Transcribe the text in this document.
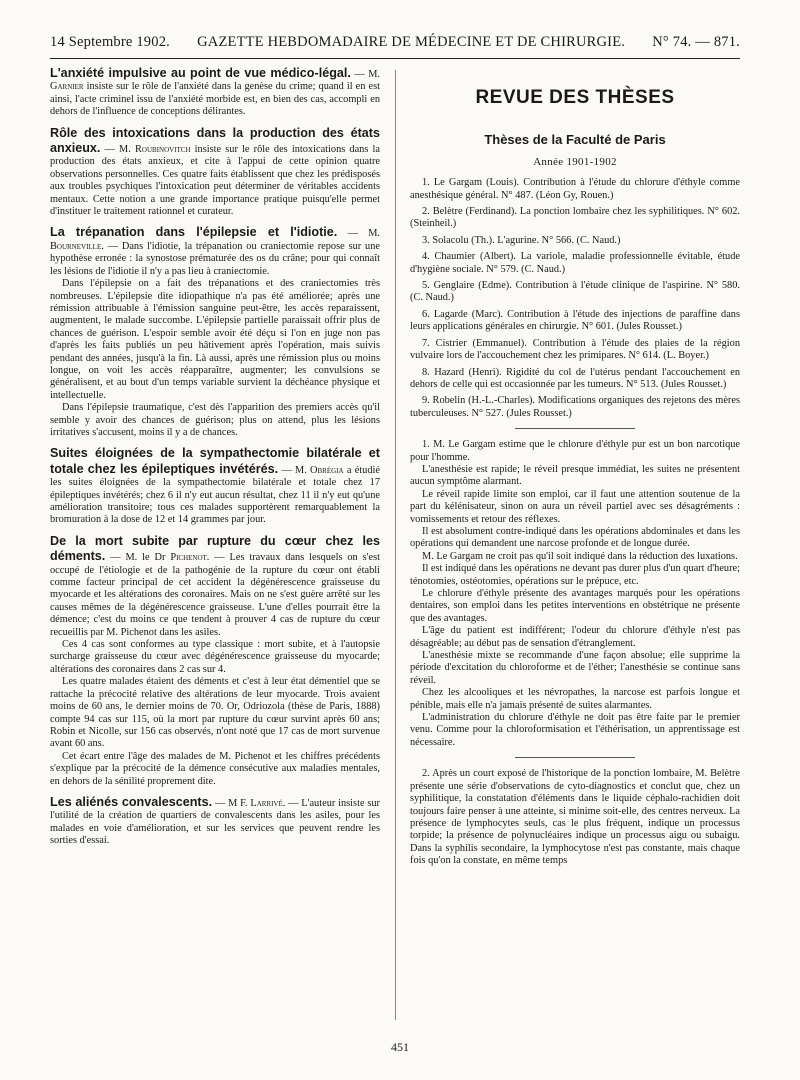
14 Septembre 1902. GAZETTE HEBDOMADAIRE DE MÉDECINE ET DE CHIRURGIE. N° 74. — 871.

L'anxiété impulsive au point de vue médico-légal. — M. Garnier insiste sur le rôle de l'anxiété dans la genèse du crime; quand il en est ainsi, l'acte criminel issu de l'anxiété morbide est, en bien des cas, accompli en dehors de l'influence de conceptions délirantes.

Rôle des intoxications dans la production des états anxieux. — M. Roubinovitch insiste sur le rôle des intoxications dans la production des états anxieux, et cite à l'appui de cette opinion quatre observations personnelles. Ces quatre faits établissent que chez les prédisposés aux troubles psychiques l'intoxication peut déterminer de véritables accidents mentaux. Cette notion a une grande importance pratique puisqu'elle permet d'instituer le traitement rationnel et curateur.

La trépanation dans l'épilepsie et l'idiotie. — M. Bourneville. — Dans l'idiotie, la trépanation ou craniectomie repose sur une hypothèse erronée : la synostose prématurée des os du crâne; pour qui connaît les lésions de l'idiotie il n'y a pas lieu à craniectomie.

Dans l'épilepsie on a fait des trépanations et des craniectomies très nombreuses. L'épilepsie dite idiopathique n'a pas été améliorée; après une rémission attribuable à l'émission sanguine peut-être, les accès reparaissent, augmentent, le malade succombe. L'épilepsie partielle paraissait offrir plus de chances de guérison. L'espoir semble avoir été déçu si l'on en juge non pas d'après les faits publiés un peu hâtivement après l'opération, mais suivis pendant des années, jusqu'à la fin. Là aussi, après une rémission plus ou moins longue, on voit les accès réapparaître, augmenter; les convulsions se généralisent, et au bout d'un temps variable survient la déchéance physique et intellectuelle.

Dans l'épilepsie traumatique, c'est dès l'apparition des premiers accès qu'il semble y avoir des chances de guérison; plus on attend, plus les lésions irritatives s'accusent, moins il y a de chances.

Suites éloignées de la sympathectomie bilatérale et totale chez les épileptiques invétérés. — M. Obrégia a étudié les suites éloignées de la sympathectomie bilatérale et totale chez 17 épileptiques invétérés; chez 6 il n'y eut aucun résultat, chez 11 il n'y eut qu'une amélioration transitoire; tous ces malades supportèrent remarquablement la bromuration à la dose de 12 et 14 grammes par jour.

De la mort subite par rupture du cœur chez les déments. — M. le Dr Pichenot. — Les travaux dans lesquels on s'est occupé de l'étiologie et de la pathogénie de la rupture du cœur ont établi comme facteur principal de cet accident la dégénérescence graisseuse du myocarde et les altérations des coronaires. Mais on ne s'est guère arrêté sur les causes mêmes de la dégénérescence graisseuse. L'une d'elles pourrait être la démence; c'est du moins ce que tendent à prouver 4 cas de rupture du cœur recueillis par M. Pichenot dans les asiles.

Ces 4 cas sont conformes au type classique : mort subite, et à l'autopsie surcharge graisseuse du cœur avec dégénérescence graisseuse du myocarde; altérations des coronaires dans 2 cas sur 4.

Les quatre malades étaient des déments et c'est à leur état démentiel que se rattache la précocité relative des altérations de leur myocarde. Trois avaient moins de 60 ans, le dernier moins de 70. Or, Odriozola (thèse de Paris, 1888) compte 94 cas sur 115, où la mort par rupture du cœur survint après 60 ans; Robin et Nicolle, sur 156 cas observés, n'ont noté que 17 cas de mort survenue avant 60 ans.

Cet écart entre l'âge des malades de M. Pichenot et les chiffres précédents s'explique par la précocité de la démence consécutive aux maladies mentales, en dehors de la sénilité proprement dite.

Les aliénés convalescents. — M F. Larrivé. — L'auteur insiste sur l'utilité de la création de quartiers de convalescents dans les asiles, pour les malades en voie d'amélioration, et sur les services que peuvent rendre les sorties d'essai.

REVUE DES THÈSES
Thèses de la Faculté de Paris
Année 1901-1902
1. Le Gargam (Louis). Contribution à l'étude du chlorure d'éthyle comme anesthésique général. N° 487. (Léon Gy, Rouen.)
2. Belètre (Ferdinand). La ponction lombaire chez les syphilitiques. N° 602. (Steinheil.)
3. Solacolu (Th.). L'agurine. N° 566. (C. Naud.)
4. Chaumier (Albert). La variole, maladie professionnelle évitable, étude d'hygiène sociale. N° 579. (C. Naud.)
5. Genglaire (Edme). Contribution à l'étude clinique de l'aspirine. N° 580. (C. Naud.)
6. Lagarde (Marc). Contribution à l'étude des injections de paraffine dans leurs applications générales en chirurgie. N° 601. (Jules Rousset.)
7. Cistrier (Emmanuel). Contribution à l'étude des plaies de la région vulvaire lors de l'accouchement chez les primipares. N° 614. (L. Boyer.)
8. Hazard (Henri). Rigidité du col de l'utérus pendant l'accouchement en dehors de celle qui est occasionnée par les tumeurs. N° 513. (Jules Rousset.)
9. Robelin (H.-L.-Charles). Modifications organiques des rejetons des mères tuberculeuses. N° 527. (Jules Rousset.)

1. M. Le Gargam estime que le chlorure d'éthyle pur est un bon narcotique pour l'homme.

L'anesthésie est rapide; le réveil presque immédiat, les suites ne présentent aucun symptôme alarmant.

Le réveil rapide limite son emploi, car il faut une attention soutenue de la part du kélénisateur, sinon on aura un réveil partiel avec ses désagréments : vomissements et retour des réflexes.

Il est absolument contre-indiqué dans les opérations abdominales et dans les opérations qui demandent une narcose profonde et de longue durée.

M. Le Gargam ne croit pas qu'il soit indiqué dans la réduction des luxations.

Il est indiqué dans les opérations ne devant pas durer plus d'un quart d'heure; ténotomies, ostéotomies, opérations sur le prépuce, etc.

Le chlorure d'éthyle présente des avantages marqués pour les opérations dentaires, son emploi dans les petites interventions en obstétrique ne présente que des avantages.

L'âge du patient est indifférent; l'odeur du chlorure d'éthyle n'est pas désagréable; au début pas de sensation d'étranglement.

L'anesthésie mixte se recommande d'une façon absolue; elle supprime la période d'excitation du chloroforme et de l'éther; l'anesthésie se continue sans réveil.

Chez les alcooliques et les névropathes, la narcose est parfois longue et pénible, mais elle n'a jamais présenté de suites alarmantes.

L'administration du chlorure d'éthyle ne doit pas être faite par le premier venu. Comme pour la chloroformisation et l'éthérisation, un apprentissage est nécessaire.

2. Après un court exposé de l'historique de la ponction lombaire, M. Belètre présente une série d'observations de cyto-diagnostics et conclut que, chez un syphilitique, la constatation d'éléments dans le liquide céphalo-rachidien doit toujours faire penser à une atteinte, si minime soit-elle, des centres nerveux. La présence de lymphocytes seuls, cas le plus fréquent, indique un processus torpide; la présence de polynucléaires indique un processus aigu ou subaigu. Dans la syphilis secondaire, la lymphocytose n'est pas constante, mais chaque fois qu'on la constate, en même temps

451
